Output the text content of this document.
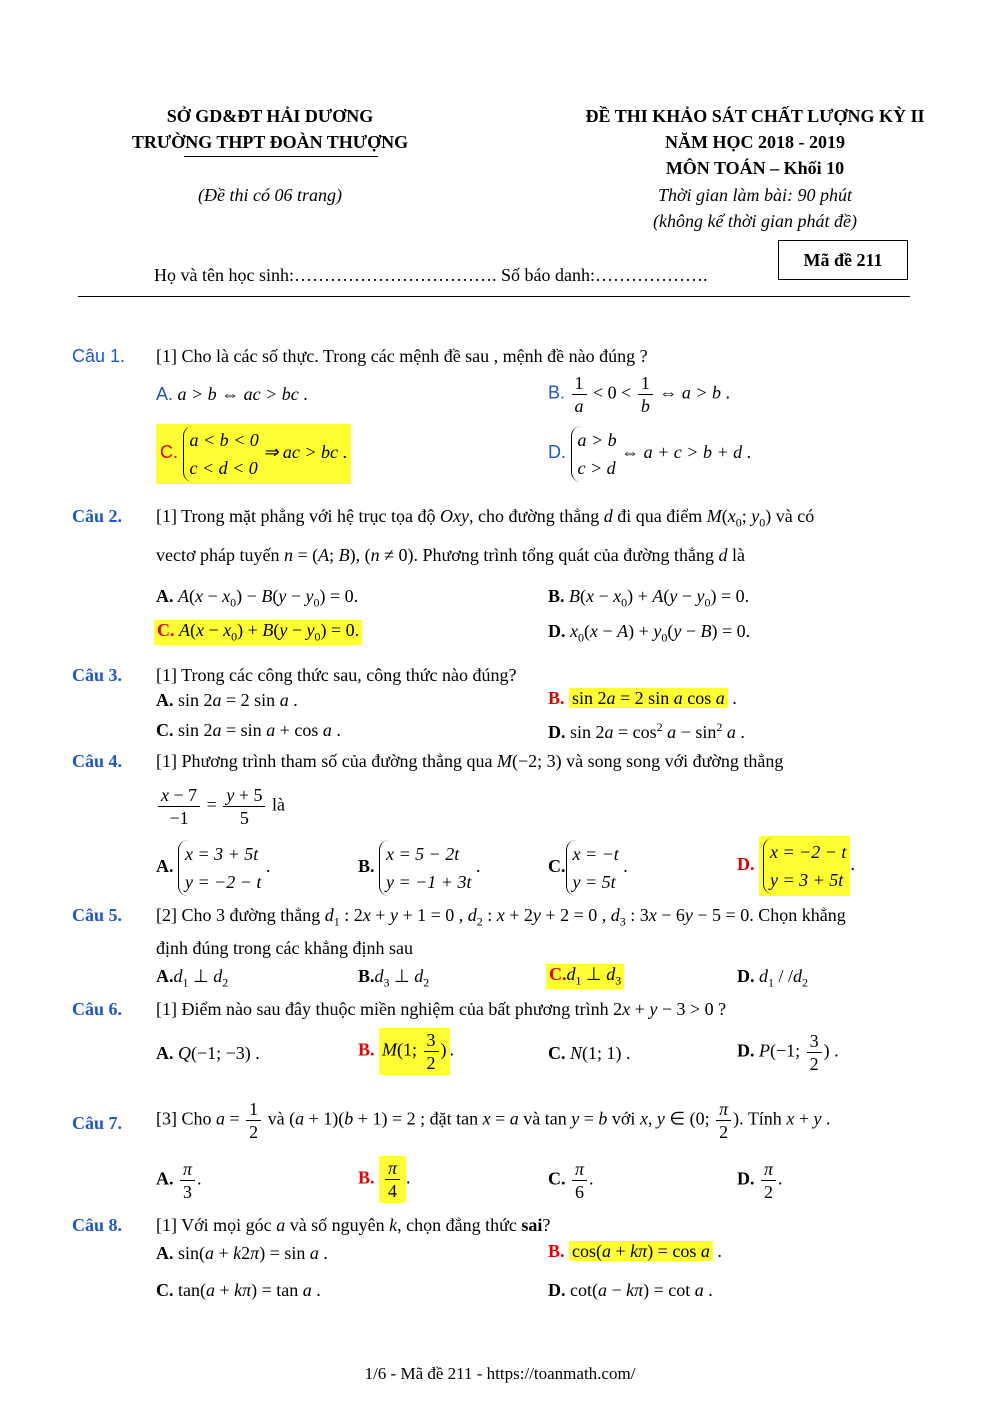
SỞ GD&ĐT HẢI DƯƠNG
TRƯỜNG THPT ĐOÀN THƯỢNG
(Đề thi có 06 trang)
ĐỀ THI KHẢO SÁT CHẤT LƯỢNG KỲ II
NĂM HỌC 2018 - 2019
MÔN TOÁN – Khối 10
Thời gian làm bài: 90 phút
(không kể thời gian phát đề)
Mã đề 211
Họ và tên học sinh:……………………………. Số báo danh:……………….
Câu 1. [1] Cho là các số thực. Trong các mệnh đề sau , mệnh đề nào đúng ?
A. a > b ⇔ ac > bc .	B. $\frac{1}{a} < 0 < \frac{1}{b}$ ⇔ a > b .
C.
a < b < 0
c < d < 0
⇒ ac > bc .	D.
a > b
c > d
⇔ a + c > b + d .
Câu 2. [1] Trong mặt phẳng với hệ trục tọa độ Oxy, cho đường thẳng d đi qua điểm $M(x_0$; $y_0$) và có
vectơ pháp tuyến n = (A; B), (n ≠ 0). Phương trình tổng quát của đường thẳng d là
A. $A(x - x_0) - B(y - y_0) = 0$.	B. $B(x - x_0) + A(y - y_0) = 0$.
C. $A(x - x_0) + B(y - y_0) = 0$.	D. $x_0(x - A) + y_0(y - B) = 0$.
Câu 3. [1] Trong các công thức sau, công thức nào đúng?
A. sin 2a = 2 sin a .	B. sin 2a = 2 sin a cos a .
C. sin 2a = sin a + cos a .	D. $\sin 2a = \cos^2 a - \sin^2 a$ .
Câu 4. [1] Phương trình tham số của đường thẳng qua M(−2; 3) và song song với đường thẳng
$\frac{x - 7}{-1} = \frac{y + 5}{5}$ là
A.
x = 3 + 5t
y = −2 − t
.	B.
x = 5 − 2t
y = −1 + 3t
.	C.
x = −t
y = 5t
.	D.
x = −2 − t
y = 3 + 5t
.
Câu 5. [2] Cho 3 đường thẳng $d_1$ : 2x + y + 1 = 0 , $d_2$ : x + 2y + 2 = 0 , $d_3$ : 3x − 6y − 5 = 0. Chọn khẳng
định đúng trong các khẳng định sau
$A.d_1$ ⊥ $d_2$	$B.d_3$ ⊥ $d_2$	$C.d_1$ ⊥ $d_3$	D. $d_1 / /d_2$
Câu 6. [1] Điểm nào sau đây thuộc miền nghiệm của bất phương trình 2x + y − 3 > 0 ?
A. Q(−1; −3) .	B. M(1; $\frac{3}{2}$ ) .	C. N(1; 1) .	D. P(−1; $\frac{3}{2}$ ) .
Câu 7. [3] Cho $a = \frac{1}{2}$ và (a + 1)(b + 1) = 2 ; đặt tan x = a và tan y = b với x, y ∈ (0; $\frac{\pi}{2}$ ). Tính x + y .
A. $\frac{\pi}{3}$ .	B. $\frac{\pi}{4}$ .	C. $\frac{\pi}{6}$ .	D. $\frac{\pi}{2}$ .
Câu 8. [1] Với mọi góc a và số nguyên k, chọn đẳng thức sai?
A. sin(a + k2π) = sin a .	B. cos(a + kπ) = cos a .
C. tan(a + kπ) = tan a .	D. cot(a − kπ) = cot a .
1/6 - Mã đề 211 - https://toanmath.com/
